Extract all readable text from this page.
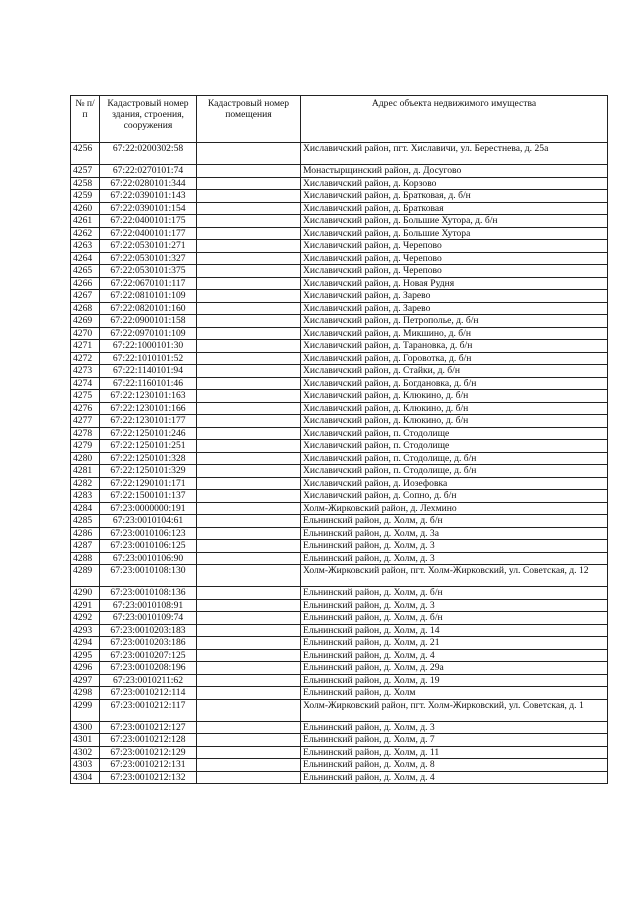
№ п/п	Кадастровый номер здания, строения, сооружения	Кадастровый номер помещения	Адрес объекта недвижимого имущества
4256	67:22:0200302:58		Хиславичский район, пгт. Хиславичи, ул. Берестнева, д. 25а
4257	67:22:0270101:74		Монастырщинский район, д. Досугово
4258	67:22:0280101:344		Хиславичский район, д. Корзово
4259	67:22:0390101:143		Хиславичский район, д. Братковая, д. б/н
4260	67:22:0390101:154		Хиславичский район, д. Братковая
4261	67:22:0400101:175		Хиславичский район, д. Большие Хутора, д. б/н
4262	67:22:0400101:177		Хиславичский район, д. Большие Хутора
4263	67:22:0530101:271		Хиславичский район, д. Черепово
4264	67:22:0530101:327		Хиславичский район, д. Черепово
4265	67:22:0530101:375		Хиславичский район, д. Черепово
4266	67:22:0670101:117		Хиславичский район, д. Новая Рудня
4267	67:22:0810101:109		Хиславичский район, д. Зарево
4268	67:22:0820101:160		Хиславичский район, д. Зарево
4269	67:22:0900101:158		Хиславичский район, д. Петрополье, д. б/н
4270	67:22:0970101:109		Хиславичский район, д. Микшино, д. б/н
4271	67:22:1000101:30		Хиславичский район, д. Тарановка, д. б/н
4272	67:22:1010101:52		Хиславичский район, д. Горовотка, д. б/н
4273	67:22:1140101:94		Хиславичский район, д. Стайки, д. б/н
4274	67:22:1160101:46		Хиславичский район, д. Богдановка, д. б/н
4275	67:22:1230101:163		Хиславичский район, д. Клюкино, д. б/н
4276	67:22:1230101:166		Хиславичский район, д. Клюкино, д. б/н
4277	67:22:1230101:177		Хиславичский район, д. Клюкино, д. б/н
4278	67:22:1250101:246		Хиславичский район, п. Стодолище
4279	67:22:1250101:251		Хиславичский район, п. Стодолище
4280	67:22:1250101:328		Хиславичский район, п. Стодолище, д. б/н
4281	67:22:1250101:329		Хиславичский район, п. Стодолище, д. б/н
4282	67:22:1290101:171		Хиславичский район, д. Иозефовка
4283	67:22:1500101:137		Хиславичский район, д. Сопно, д. б/н
4284	67:23:0000000:191		Холм-Жирковский район, д. Лехмино
4285	67:23:0010104:61		Ельнинский район, д. Холм, д. б/н
4286	67:23:0010106:123		Ельнинский район, д. Холм, д. 3а
4287	67:23:0010106:125		Ельнинский район, д. Холм, д. 3
4288	67:23:0010106:90		Ельнинский район, д. Холм, д. 3
4289	67:23:0010108:130		Холм-Жирковский район, пгт. Холм-Жирковский, ул. Советская, д. 12
4290	67:23:0010108:136		Ельнинский район, д. Холм, д. б/н
4291	67:23:0010108:91		Ельнинский район, д. Холм, д. 3
4292	67:23:0010109:74		Ельнинский район, д. Холм, д. б/н
4293	67:23:0010203:183		Ельнинский район, д. Холм, д. 14
4294	67:23:0010203:186		Ельнинский район, д. Холм, д. 21
4295	67:23:0010207:125		Ельнинский район, д. Холм, д. 4
4296	67:23:0010208:196		Ельнинский район, д. Холм, д. 29а
4297	67:23:0010211:62		Ельнинский район, д. Холм, д. 19
4298	67:23:0010212:114		Ельнинский район, д. Холм
4299	67:23:0010212:117		Холм-Жирковский район, пгт. Холм-Жирковский, ул. Советская, д. 1
4300	67:23:0010212:127		Ельнинский район, д. Холм, д. 3
4301	67:23:0010212:128		Ельнинский район, д. Холм, д. 7
4302	67:23:0010212:129		Ельнинский район, д. Холм, д. 11
4303	67:23:0010212:131		Ельнинский район, д. Холм, д. 8
4304	67:23:0010212:132		Ельнинский район, д. Холм, д. 4
